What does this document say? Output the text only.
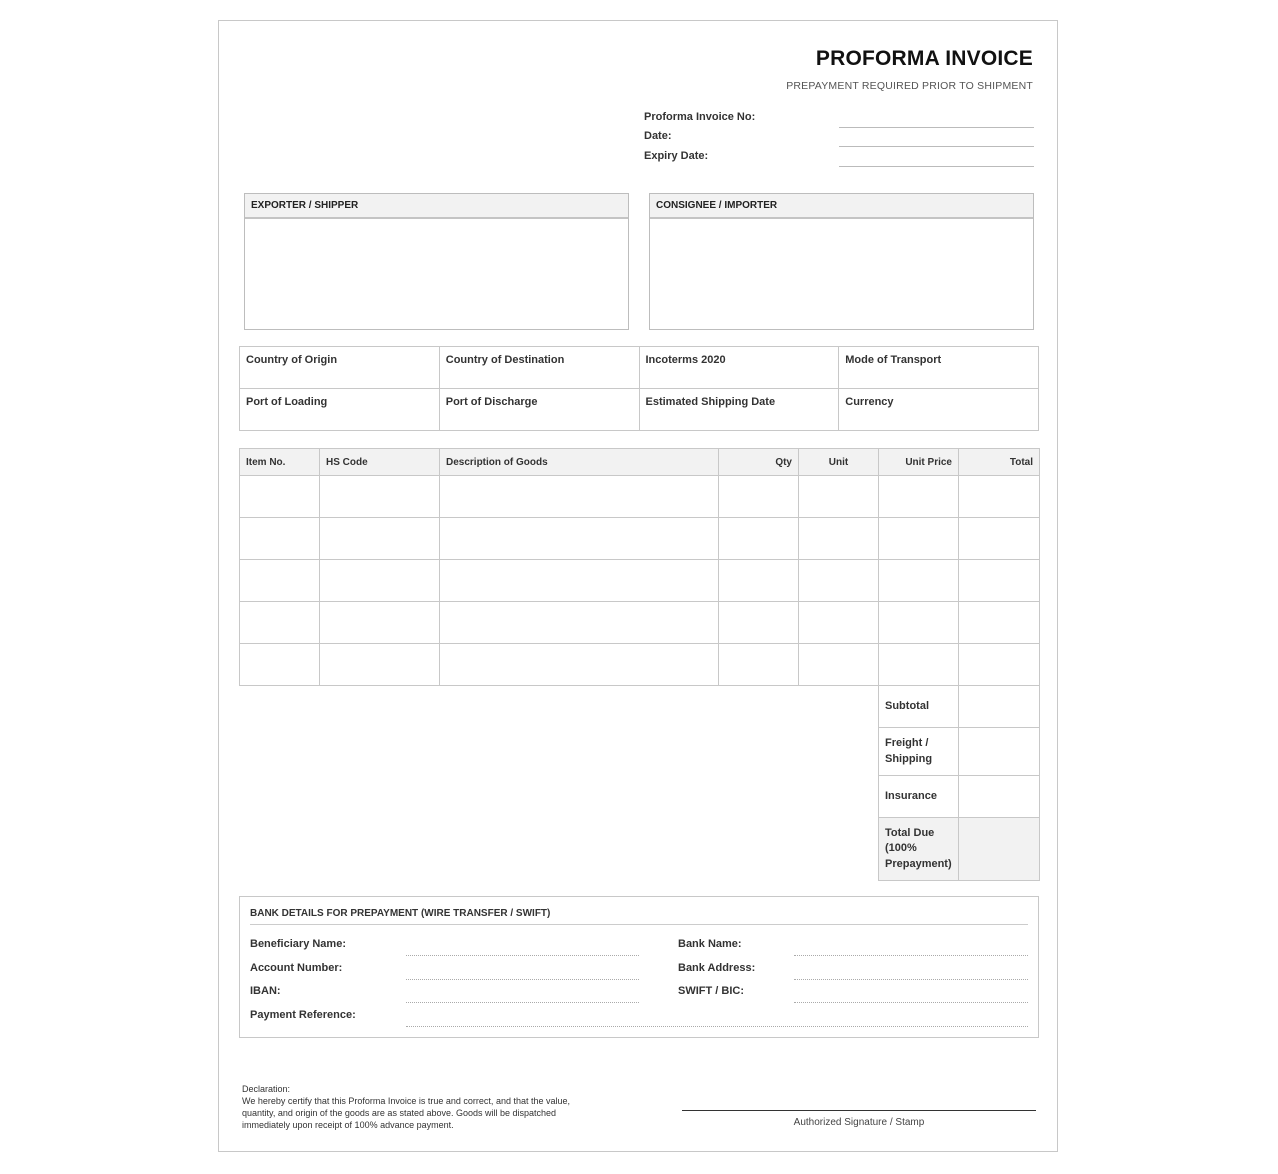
PROFORMA INVOICE
PREPAYMENT REQUIRED PRIOR TO SHIPMENT
Proforma Invoice No:
Date:
Expiry Date:
EXPORTER / SHIPPER	CONSIGNEE / IMPORTER
Country of Origin	Country of Destination	Incoterms 2020	Mode of Transport
Port of Loading	Port of Discharge	Estimated Shipping Date	Currency
Item No.	HS Code	Description of Goods	Qty	Unit	Unit Price	Total

Subtotal	
Freight / Shipping	
Insurance	
Total Due (100% Prepayment)	
BANK DETAILS FOR PREPAYMENT (WIRE TRANSFER / SWIFT)
Beneficiary Name:
Account Number:
IBAN:
Payment Reference:
Bank Name:
Bank Address:
SWIFT / BIC:
Declaration:
We hereby certify that this Proforma Invoice is true and correct, and that the value, quantity, and origin of the goods are as stated above. Goods will be dispatched immediately upon receipt of 100% advance payment.	Authorized Signature / Stamp
